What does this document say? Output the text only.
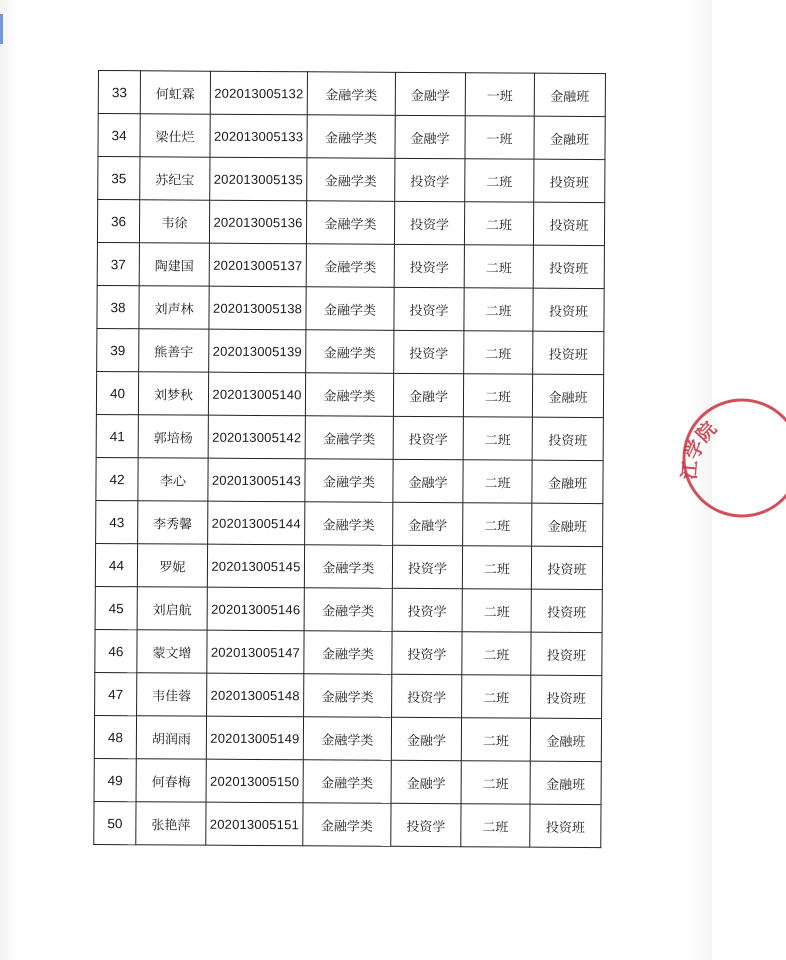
33	何虹霖	202013005132	金融学类	金融学	一班	金融班
34	梁仕烂	202013005133	金融学类	金融学	一班	金融班
35	苏纪宝	202013005135	金融学类	投资学	二班	投资班
36	韦徐	202013005136	金融学类	投资学	二班	投资班
37	陶建国	202013005137	金融学类	投资学	二班	投资班
38	刘声林	202013005138	金融学类	投资学	二班	投资班
39	熊善宇	202013005139	金融学类	投资学	二班	投资班
40	刘梦秋	202013005140	金融学类	金融学	二班	金融班
41	郭培杨	202013005142	金融学类	投资学	二班	投资班
42	李心	202013005143	金融学类	金融学	二班	金融班
43	李秀馨	202013005144	金融学类	金融学	二班	金融班
44	罗妮	202013005145	金融学类	投资学	二班	投资班
45	刘启航	202013005146	金融学类	投资学	二班	投资班
46	蒙文增	202013005147	金融学类	投资学	二班	投资班
47	韦佳蓉	202013005148	金融学类	投资学	二班	投资班
48	胡润雨	202013005149	金融学类	金融学	二班	金融班
49	何春梅	202013005150	金融学类	金融学	二班	金融班
50	张艳萍	202013005151	金融学类	投资学	二班	投资班
江学院
